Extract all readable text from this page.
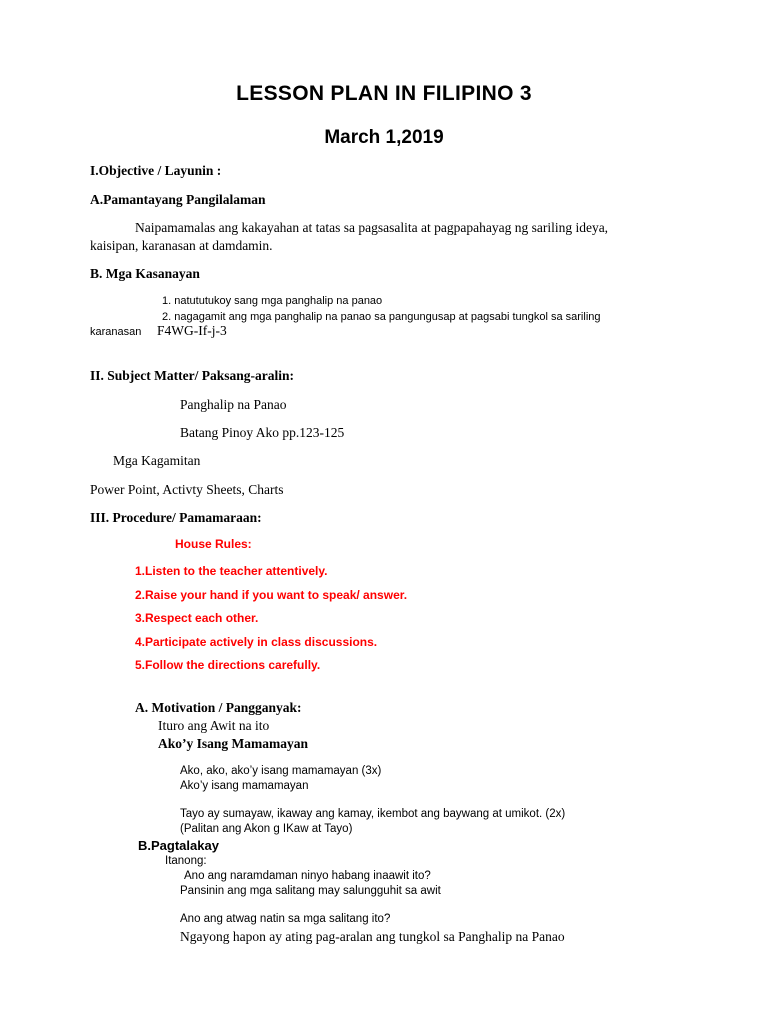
LESSON PLAN IN FILIPINO 3
March 1,2019
I.Objective / Layunin :
A.Pamantayang Pangilalaman
Naipamamalas ang kakayahan at tatas sa pagsasalita at pagpapahayag ng sariling ideya,
kaisipan, karanasan at damdamin.
B. Mga Kasanayan
1. natututukoy sang mga panghalip na panao
2. nagagamit ang mga panghalip na panao sa pangungusap at pagsabi tungkol sa sariling
karanasan F4WG-If-j-3
II. Subject Matter/ Paksang-aralin:
Panghalip na Panao
Batang Pinoy Ako pp.123-125
Mga Kagamitan
Power Point, Activty Sheets, Charts
III. Procedure/ Pamamaraan:
House Rules:
1.Listen to the teacher attentively.
2.Raise your hand if you want to speak/ answer.
3.Respect each other.
4.Participate actively in class discussions.
5.Follow the directions carefully.
A. Motivation / Pangganyak:
Ituro ang Awit na ito
Ako’y Isang Mamamayan
Ako, ako, ako’y isang mamamayan (3x)
Ako’y isang mamamayan
Tayo ay sumayaw, ikaway ang kamay, ikembot ang baywang at umikot. (2x)
(Palitan ang Akon g IKaw at Tayo)
B.Pagtalakay
Itanong:
Ano ang naramdaman ninyo habang inaawit ito?
Pansinin ang mga salitang may salungguhit sa awit
Ano ang atwag natin sa mga salitang ito?
Ngayong hapon ay ating pag-aralan ang tungkol sa Panghalip na Panao
